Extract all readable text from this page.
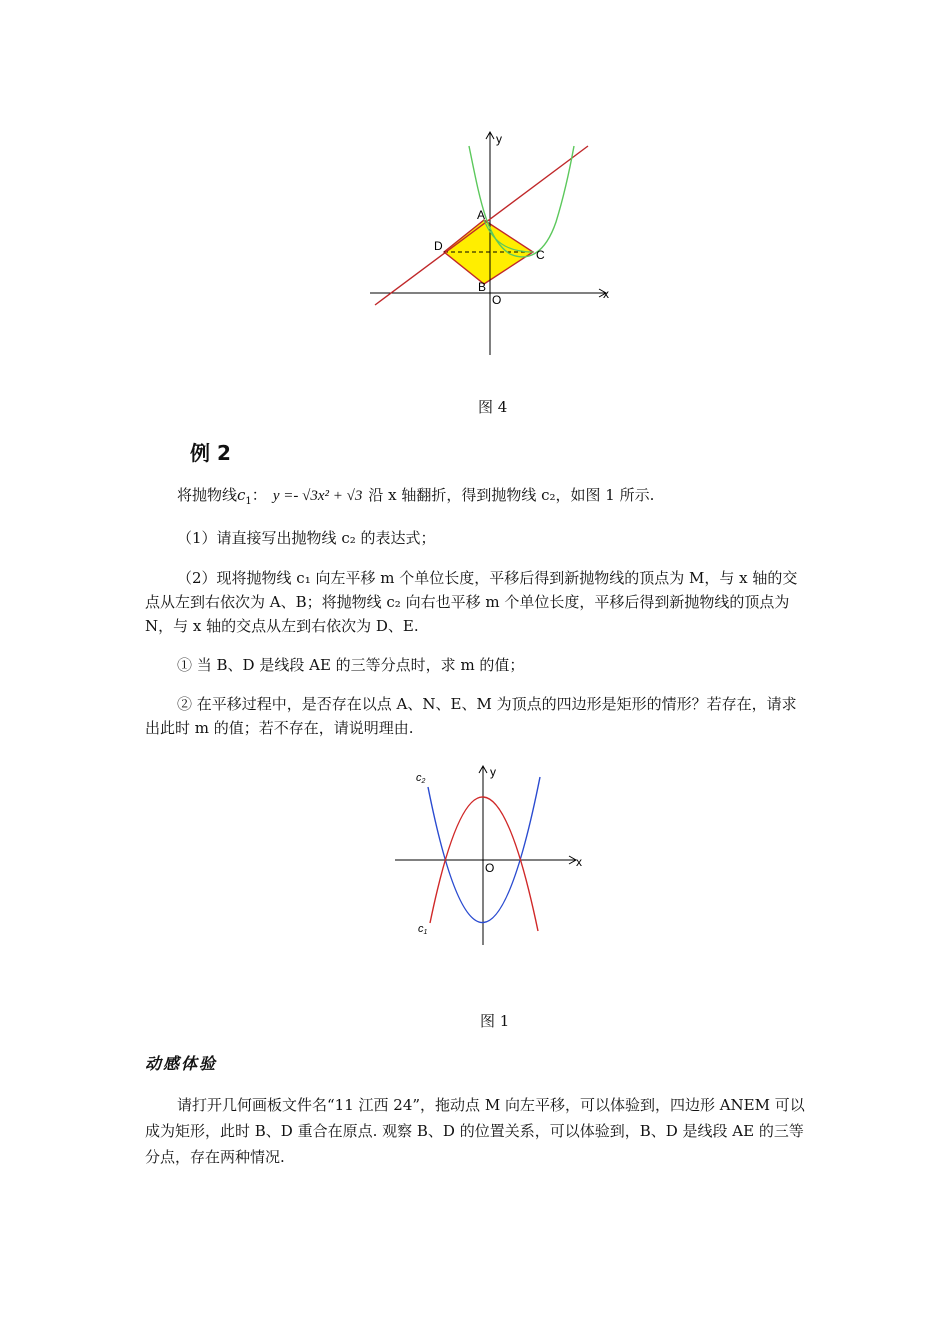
y
x
A
D
C
B
O
图 4
例 2

将抛物线$c_1$： y =- √3x² + √3 沿 x 轴翻折，得到抛物线 c₂，如图 1 所示.

（1）请直接写出抛物线 c₂ 的表达式；

（2）现将抛物线 c₁ 向左平移 m 个单位长度，平移后得到新抛物线的顶点为 M，与 x 轴的交点从左到右依次为 A、B；将抛物线 c₂ 向右也平移 m 个单位长度，平移后得到新抛物线的顶点为 N，与 x 轴的交点从左到右依次为 D、E.

① 当 B、D 是线段 AE 的三等分点时，求 m 的值；

② 在平移过程中，是否存在以点 A、N、E、M 为顶点的四边形是矩形的情形？若存在，请求出此时 m 的值；若不存在，请说明理由.

y
x
O
c2
c1
图 1
动感体验

请打开几何画板文件名“11 江西 24”，拖动点 M 向左平移，可以体验到，四边形 ANEM 可以成为矩形，此时 B、D 重合在原点. 观察 B、D 的位置关系，可以体验到，B、D 是线段 AE 的三等分点，存在两种情况.
